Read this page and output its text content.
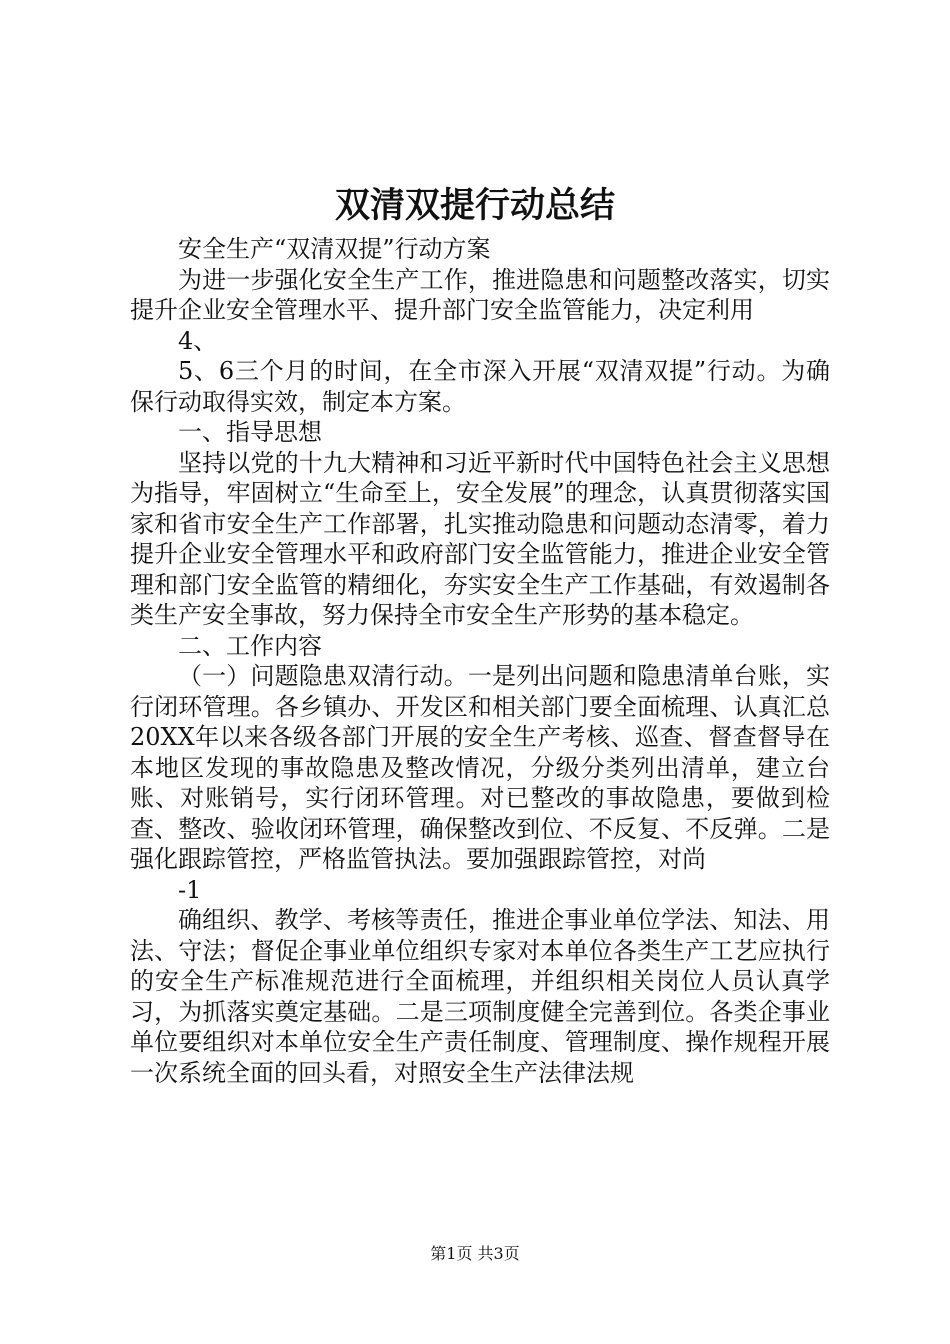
双清双提行动总结

安全生产“双清双提”行动方案

为进一步强化安全生产工作，推进隐患和问题整改落实，切实提升企业安全管理水平、提升部门安全监管能力，决定利用

4、

5、6三个月的时间，在全市深入开展“双清双提”行动。为确保行动取得实效，制定本方案。

一、指导思想

坚持以党的十九大精神和习近平新时代中国特色社会主义思想为指导，牢固树立“生命至上，安全发展”的理念，认真贯彻落实国家和省市安全生产工作部署，扎实推动隐患和问题动态清零，着力提升企业安全管理水平和政府部门安全监管能力，推进企业安全管理和部门安全监管的精细化，夯实安全生产工作基础，有效遏制各类生产安全事故，努力保持全市安全生产形势的基本稳定。

二、工作内容

（一）问题隐患双清行动。一是列出问题和隐患清单台账，实行闭环管理。各乡镇办、开发区和相关部门要全面梳理、认真汇总20XX年以来各级各部门开展的安全生产考核、巡查、督查督导在本地区发现的事故隐患及整改情况，分级分类列出清单，建立台账、对账销号，实行闭环管理。对已整改的事故隐患，要做到检查、整改、验收闭环管理，确保整改到位、不反复、不反弹。二是强化跟踪管控，严格监管执法。要加强跟踪管控，对尚

-1

确组织、教学、考核等责任，推进企事业单位学法、知法、用法、守法；督促企事业单位组织专家对本单位各类生产工艺应执行的安全生产标准规范进行全面梳理，并组织相关岗位人员认真学习，为抓落实奠定基础。二是三项制度健全完善到位。各类企事业单位要组织对本单位安全生产责任制度、管理制度、操作规程开展一次系统全面的回头看，对照安全生产法律法规

第1页 共3页
